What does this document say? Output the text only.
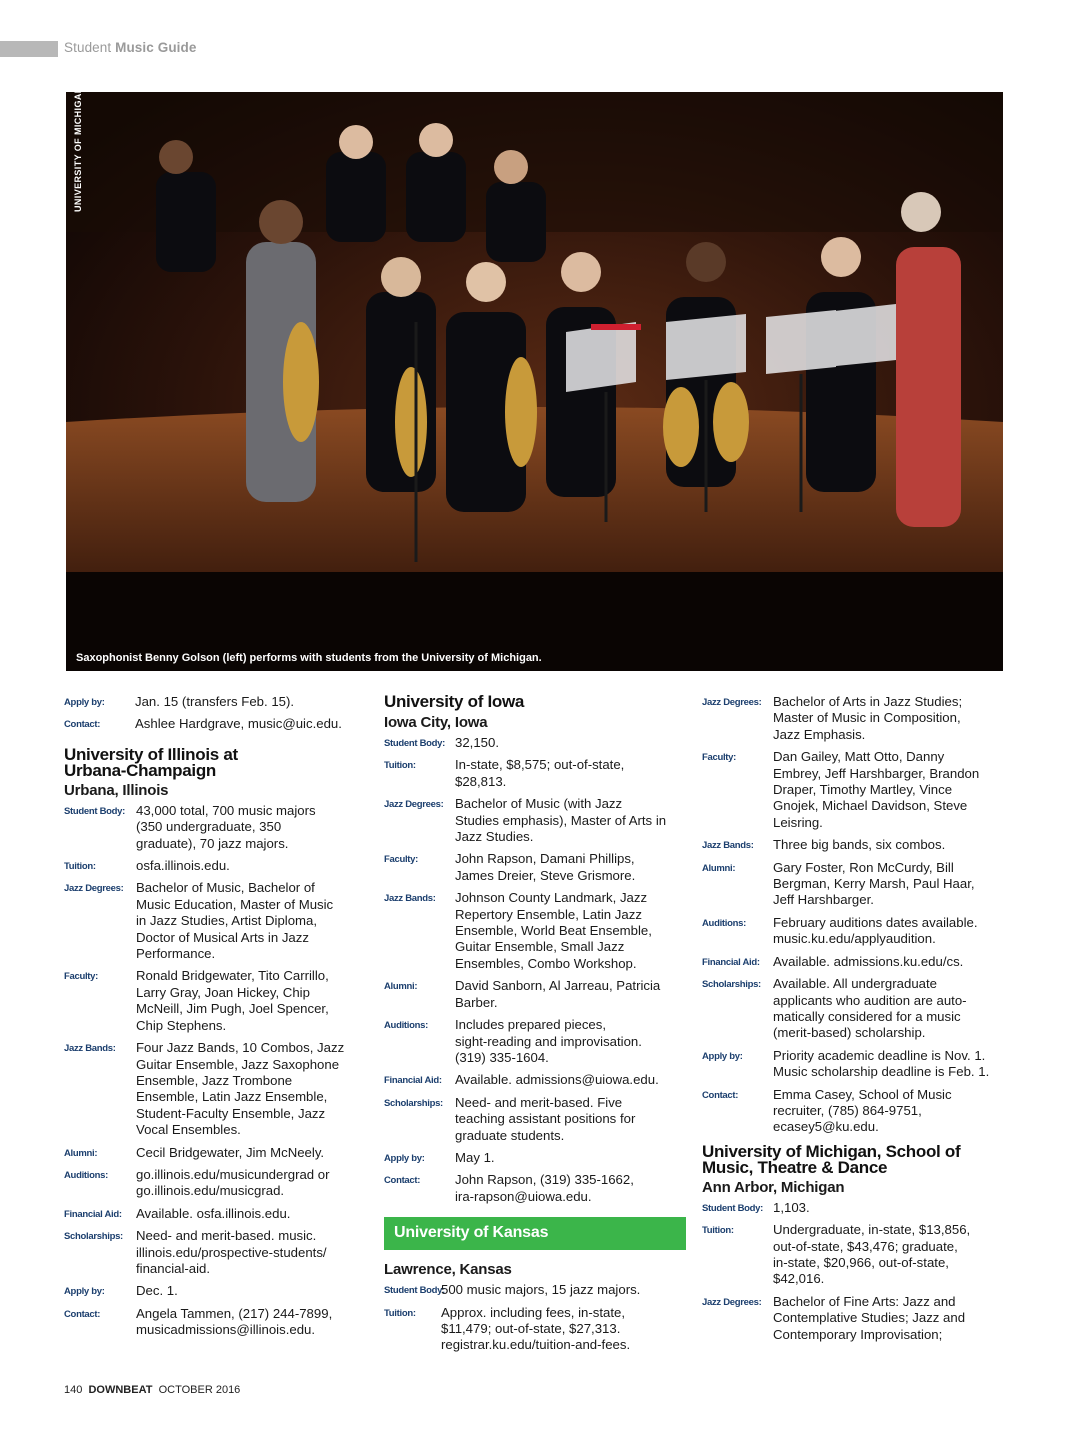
Student Music Guide
UNIVERSITY OF MICHIGAN
Saxophonist Benny Golson (left) performs with students from the University of Michigan.
Apply by:	Jan. 15 (transfers Feb. 15).
Contact:	Ashlee Hardgrave, music@uic.edu.
University of Illinois at
Urbana-Champaign
Urbana, Illinois
Student Body: 43,000 total, 700 music majors
(350 undergraduate, 350
graduate), 70 jazz majors.
Tuition:	osfa.illinois.edu.
Jazz Degrees: Bachelor of Music, Bachelor of
Music Education, Master of Music
in Jazz Studies, Artist Diploma,
Doctor of Musical Arts in Jazz
Performance.
Faculty:	Ronald Bridgewater, Tito Carrillo,
Larry Gray, Joan Hickey, Chip
McNeill, Jim Pugh, Joel Spencer,
Chip Stephens.
Jazz Bands:	Four Jazz Bands, 10 Combos, Jazz
Guitar Ensemble, Jazz Saxophone
Ensemble, Jazz Trombone
Ensemble, Latin Jazz Ensemble,
Student-Faculty Ensemble, Jazz
Vocal Ensembles.
Alumni:	Cecil Bridgewater, Jim McNeely.
Auditions:	go.illinois.edu/musicundergrad or
go.illinois.edu/musicgrad.
Financial Aid:	Available. osfa.illinois.edu.
Scholarships: Need- and merit-based. music.
illinois.edu/prospective-students/
financial-aid.
Apply by:	Dec. 1.
Contact:	Angela Tammen, (217) 244-7899,
musicadmissions@illinois.edu.
University of Iowa
Iowa City, Iowa
Student Body: 32,150.
Tuition:	In-state, $8,575; out-of-state,
$28,813.
Jazz Degrees: Bachelor of Music (with Jazz
Studies emphasis), Master of Arts in
Jazz Studies.
Faculty:	John Rapson, Damani Phillips,
James Dreier, Steve Grismore.
Jazz Bands:	Johnson County Landmark, Jazz
Repertory Ensemble, Latin Jazz
Ensemble, World Beat Ensemble,
Guitar Ensemble, Small Jazz
Ensembles, Combo Workshop.
Alumni:	David Sanborn, Al Jarreau, Patricia
Barber.
Auditions:	Includes prepared pieces,
sight-reading and improvisation.
(319) 335-1604.
Financial Aid:	Available. admissions@uiowa.edu.
Scholarships: Need- and merit-based. Five
teaching assistant positions for
graduate students.
Apply by:	May 1.
Contact:	John Rapson, (319) 335-1662,
ira-rapson@uiowa.edu.
University of Kansas
Lawrence, Kansas
Student Body:
500 music majors, 15 jazz majors.
Tuition:	Approx. including fees, in-state,
$11,479; out-of-state, $27,313.
registrar.ku.edu/tuition-and-fees.
Jazz Degrees: Bachelor of Arts in Jazz Studies;
Master of Music in Composition,
Jazz Emphasis.
Faculty:	Dan Gailey, Matt Otto, Danny
Embrey, Jeff Harshbarger, Brandon
Draper, Timothy Martley, Vince
Gnojek, Michael Davidson, Steve
Leisring.
Jazz Bands:	Three big bands, six combos.
Alumni:	Gary Foster, Ron McCurdy, Bill
Bergman, Kerry Marsh, Paul Haar,
Jeff Harshbarger.
Auditions:	February auditions dates available.
music.ku.edu/applyaudition.
Financial Aid:	Available. admissions.ku.edu/cs.
Scholarships: Available. All undergraduate
applicants who audition are auto-
matically considered for a music
(merit-based) scholarship.
Apply by:	Priority academic deadline is Nov. 1.
Music scholarship deadline is Feb. 1.
Contact:	Emma Casey, School of Music
recruiter, (785) 864-9751,
ecasey5@ku.edu.
University of Michigan, School of
Music, Theatre & Dance
Ann Arbor, Michigan
Student Body: 1,103.
Tuition:	Undergraduate, in-state, $13,856,
out-of-state, $43,476; graduate,
in-state, $20,966, out-of-state,
$42,016.
Jazz Degrees: Bachelor of Fine Arts: Jazz and
Contemplative Studies; Jazz and
Contemporary Improvisation;
140 DOWNBEAT OCTOBER 2016
